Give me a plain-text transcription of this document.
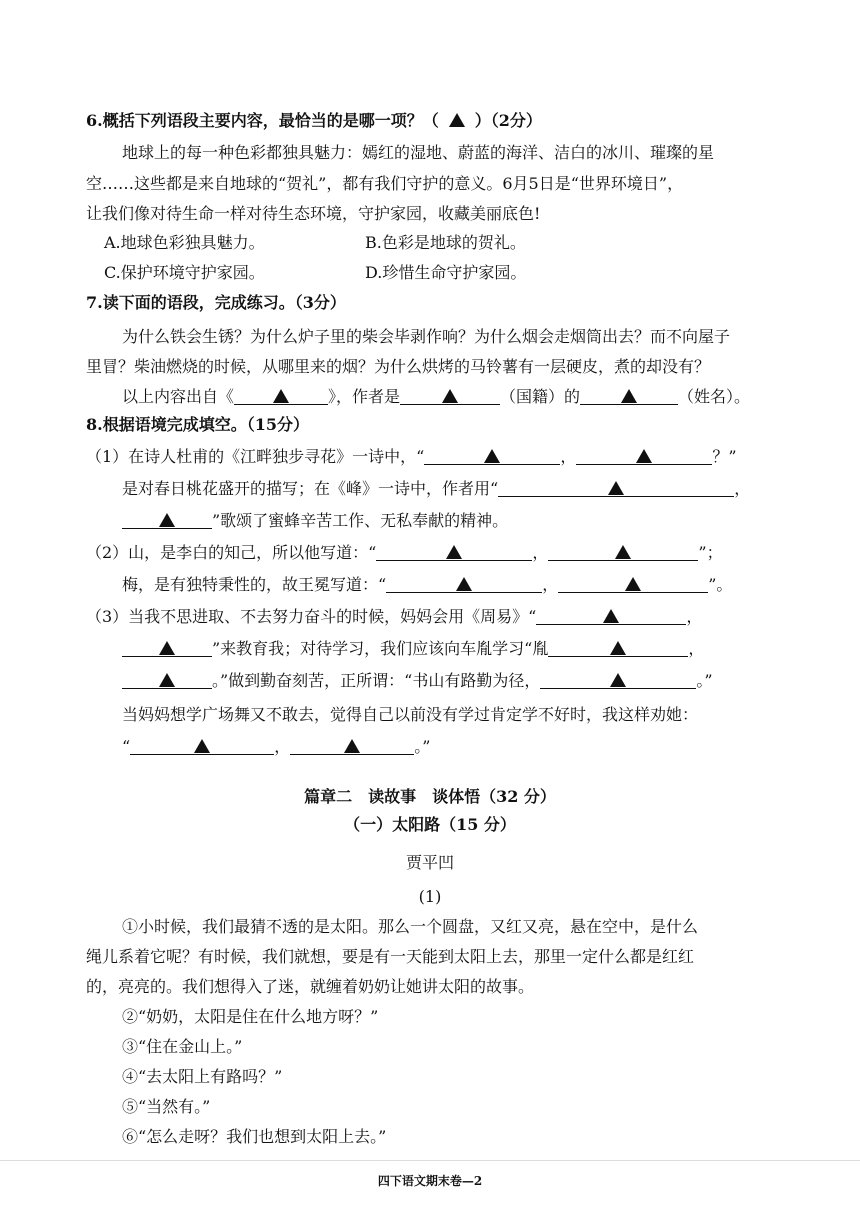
6.概括下列语段主要内容，最恰当的是哪一项？（ ）（2分）
地球上的每一种色彩都独具魅力：嫣红的湿地、蔚蓝的海洋、洁白的冰川、璀璨的星
空……这些都是来自地球的“贺礼”，都有我们守护的意义。6月5日是“世界环境日”，
让我们像对待生命一样对待生态环境，守护家园，收藏美丽底色!
A.地球色彩独具魅力。	B.色彩是地球的贺礼。
C.保护环境守护家园。	D.珍惜生命守护家园。
7.读下面的语段，完成练习。（3分）
为什么铁会生锈？为什么炉子里的柴会毕剥作响？为什么烟会走烟筒出去？而不向屋子
里冒？柴油燃烧的时候，从哪里来的烟？为什么烘烤的马铃薯有一层硬皮，煮的却没有？
以上内容出自《	》，作者是	（国籍）的	（姓名）。
8.根据语境完成填空。（15分）
（1）在诗人杜甫的《江畔独步寻花》一诗中，“	，	？”
是对春日桃花盛开的描写；在《峰》一诗中，作者用“	，
”歌颂了蜜蜂辛苦工作、无私奉献的精神。
（2）山，是李白的知己，所以他写道：“	，	”；
梅，是有独特秉性的，故王冕写道：“	，	”。
（3）当我不思进取、不去努力奋斗的时候，妈妈会用《周易》“	，
”来教育我；对待学习，我们应该向车胤学习“胤	，
。”做到勤奋刻苦，正所谓：“书山有路勤为径，	。”
当妈妈想学广场舞又不敢去，觉得自己以前没有学过肯定学不好时，我这样劝她：
“	，	。”
篇章二　读故事　谈体悟（32 分）
（一）太阳路（15 分）
贾平凹
(1)
①小时候，我们最猜不透的是太阳。那么一个圆盘，又红又亮，悬在空中，是什么
绳儿系着它呢？有时候，我们就想，要是有一天能到太阳上去，那里一定什么都是红红
的，亮亮的。我们想得入了迷，就缠着奶奶让她讲太阳的故事。
②“奶奶，太阳是住在什么地方呀？”
③“住在金山上。”
④“去太阳上有路吗？”
⑤“当然有。”
⑥“怎么走呀？我们也想到太阳上去。”
四下语文期末卷—2
